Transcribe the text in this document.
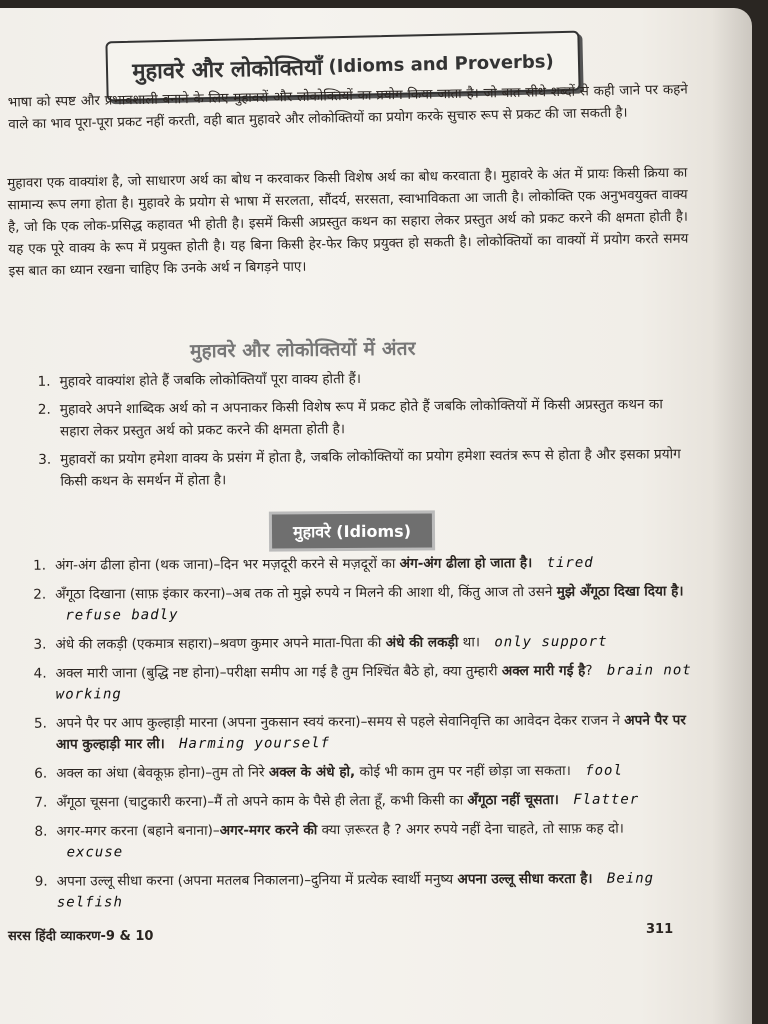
मुहावरे और लोकोक्तियाँ (Idioms and Proverbs)
भाषा को स्पष्ट और प्रभावशाली बनाने के लिए मुहावरों और लोकोक्तियों का प्रयोग किया जाता है। जो बात सीधे शब्दों से कही जाने पर कहने वाले का भाव पूरा-पूरा प्रकट नहीं करती, वही बात मुहावरे और लोकोक्तियों का प्रयोग करके सुचारु रूप से प्रकट की जा सकती है।
मुहावरा एक वाक्यांश है, जो साधारण अर्थ का बोध न करवाकर किसी विशेष अर्थ का बोध करवाता है। मुहावरे के अंत में प्रायः किसी क्रिया का सामान्य रूप लगा होता है। मुहावरे के प्रयोग से भाषा में सरलता, सौंदर्य, सरसता, स्वाभाविकता आ जाती है। लोकोक्ति एक अनुभवयुक्त वाक्य है, जो कि एक लोक-प्रसिद्ध कहावत भी होती है। इसमें किसी अप्रस्तुत कथन का सहारा लेकर प्रस्तुत अर्थ को प्रकट करने की क्षमता होती है। यह एक पूरे वाक्य के रूप में प्रयुक्त होती है। यह बिना किसी हेर-फेर किए प्रयुक्त हो सकती है। लोकोक्तियों का वाक्यों में प्रयोग करते समय इस बात का ध्यान रखना चाहिए कि उनके अर्थ न बिगड़ने पाए।
मुहावरे और लोकोक्तियों में अंतर
1. मुहावरे वाक्यांश होते हैं जबकि लोकोक्तियाँ पूरा वाक्य होती हैं।
2. मुहावरे अपने शाब्दिक अर्थ को न अपनाकर किसी विशेष रूप में प्रकट होते हैं जबकि लोकोक्तियों में किसी अप्रस्तुत कथन का सहारा लेकर प्रस्तुत अर्थ को प्रकट करने की क्षमता होती है।
3. मुहावरों का प्रयोग हमेशा वाक्य के प्रसंग में होता है, जबकि लोकोक्तियों का प्रयोग हमेशा स्वतंत्र रूप से होता है और इसका प्रयोग किसी कथन के समर्थन में होता है।
मुहावरे
(Idioms)
1. अंग-अंग ढीला होना (थक जाना)–दिन भर मज़दूरी करने से मज़दूरों का अंग-अंग ढीला हो जाता है। tired
2. अँगूठा दिखाना (साफ़ इंकार करना)–अब तक तो मुझे रुपये न मिलने की आशा थी, किंतु आज तो उसने मुझे अँगूठा दिखा दिया है। refuse badly
3. अंधे की लकड़ी (एकमात्र सहारा)–श्रवण कुमार अपने माता-पिता की अंधे की लकड़ी था। only support
4. अक्ल मारी जाना (बुद्धि नष्ट होना)–परीक्षा समीप आ गई है तुम निश्चिंत बैठे हो, क्या तुम्हारी अक्ल मारी गई है? brain not working
5. अपने पैर पर आप कुल्हाड़ी मारना (अपना नुकसान स्वयं करना)–समय से पहले सेवानिवृत्ति का आवेदन देकर राजन ने अपने पैर पर आप कुल्हाड़ी मार ली। Harming yourself
6. अक्ल का अंधा (बेवकूफ़ होना)–तुम तो निरे अक्ल के अंधे हो, कोई भी काम तुम पर नहीं छोड़ा जा सकता। fool
7. अँगूठा चूसना (चाटुकारी करना)–मैं तो अपने काम के पैसे ही लेता हूँ, कभी किसी का अँगूठा नहीं चूसता। Flatter
8. अगर-मगर करना (बहाने बनाना)–अगर-मगर करने की क्या ज़रूरत है ? अगर रुपये नहीं देना चाहते, तो साफ़ कह दो। excuse
9. अपना उल्लू सीधा करना (अपना मतलब निकालना)–दुनिया में प्रत्येक स्वार्थी मनुष्य अपना उल्लू सीधा करता है। Being selfish
सरस हिंदी व्याकरण-9 & 10	311
